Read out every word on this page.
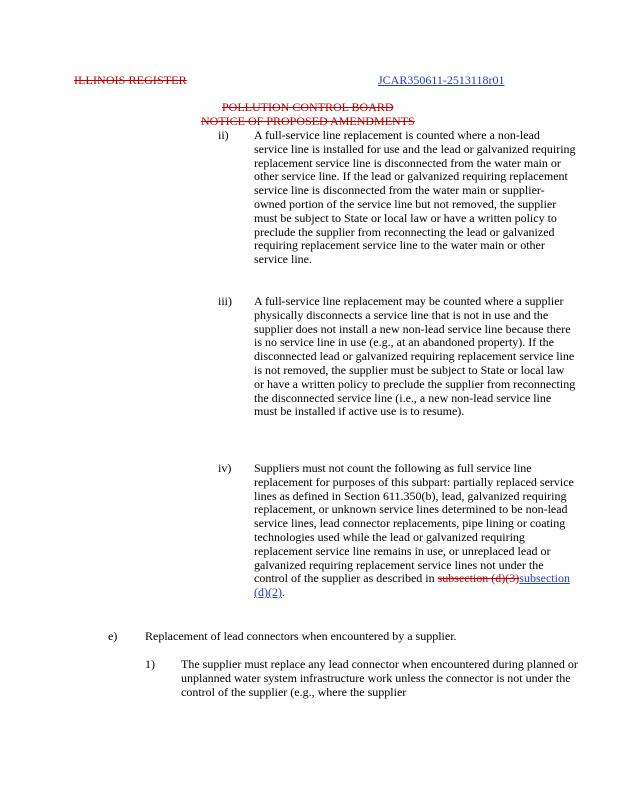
ILLINOIS REGISTER	JCAR350611-2513118r01
POLLUTION CONTROL BOARD
NOTICE OF PROPOSED AMENDMENTS
ii) A full-service line replacement is counted where a non-lead service line is installed for use and the lead or galvanized requiring replacement service line is disconnected from the water main or other service line. If the lead or galvanized requiring replacement service line is disconnected from the water main or supplier-owned portion of the service line but not removed, the supplier must be subject to State or local law or have a written policy to preclude the supplier from reconnecting the lead or galvanized requiring replacement service line to the water main or other service line.

iii) A full-service line replacement may be counted where a supplier physically disconnects a service line that is not in use and the supplier does not install a new non-lead service line because there is no service line in use (e.g., at an abandoned property). If the disconnected lead or galvanized requiring replacement service line is not removed, the supplier must be subject to State or local law or have a written policy to preclude the supplier from reconnecting the disconnected service line (i.e., a new non-lead service line must be installed if active use is to resume).

iv) Suppliers must not count the following as full service line replacement for purposes of this subpart: partially replaced service lines as defined in Section 611.350(b), lead, galvanized requiring replacement, or unknown service lines determined to be non-lead service lines, lead connector replacements, pipe lining or coating technologies used while the lead or galvanized requiring replacement service line remains in use, or unreplaced lead or galvanized requiring replacement service lines not under the control of the supplier as described in subsection (d)(3)subsection (d)(2).

e) Replacement of lead connectors when encountered by a supplier.

1) The supplier must replace any lead connector when encountered during planned or unplanned water system infrastructure work unless the connector is not under the control of the supplier (e.g., where the supplier
